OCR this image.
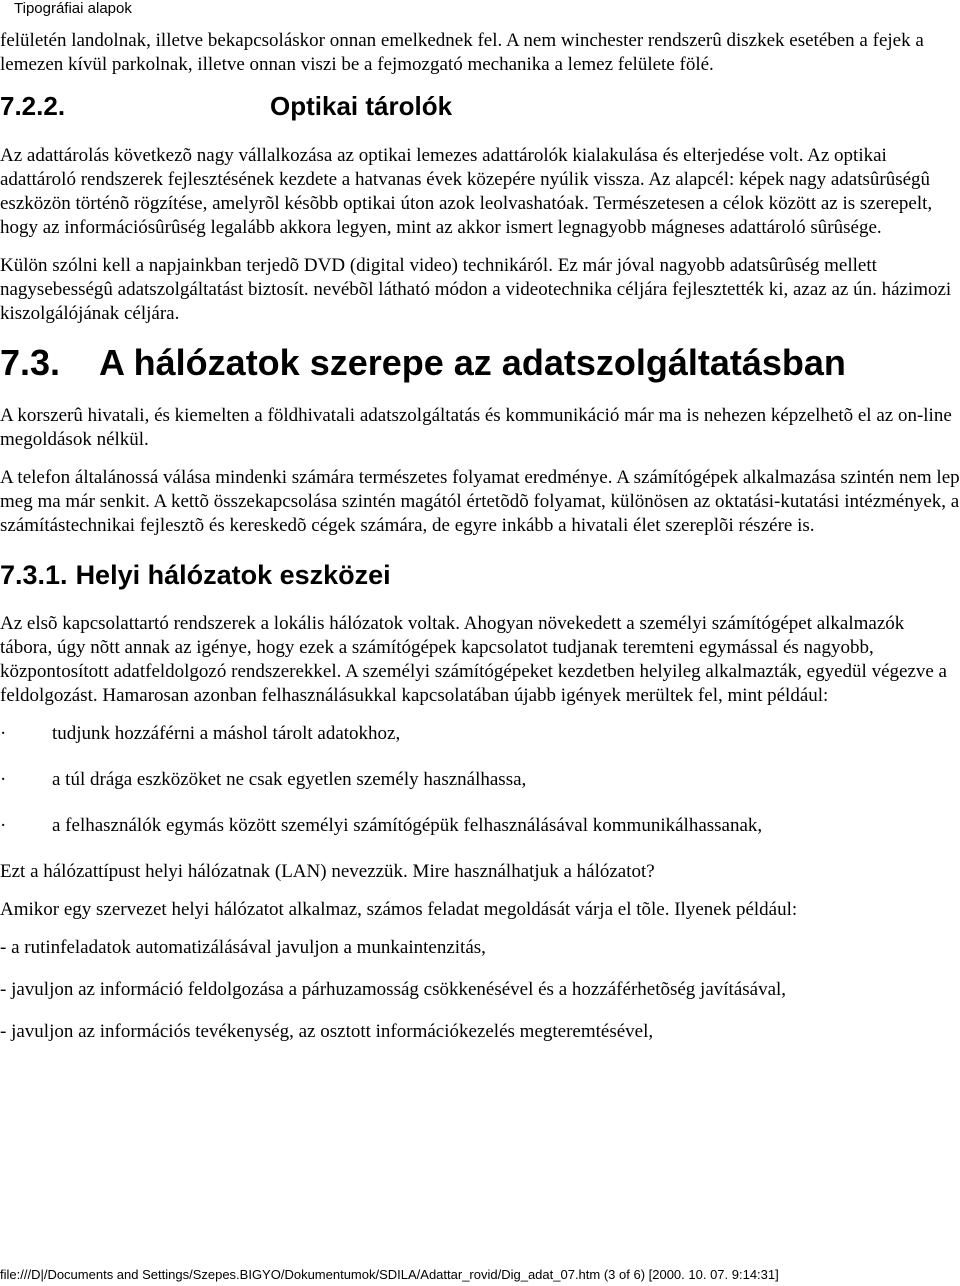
Tipográfiai alapok

felületén landolnak, illetve bekapcsoláskor onnan emelkednek fel. A nem winchester rendszerû diszkek esetében a fejek a lemezen kívül parkolnak, illetve onnan viszi be a fejmozgató mechanika a lemez felülete fölé.

7.2.2.	Optikai tárolók

Az adattárolás következõ nagy vállalkozása az optikai lemezes adattárolók kialakulása és elterjedése volt. Az optikai adattároló rendszerek fejlesztésének kezdete a hatvanas évek közepére nyúlik vissza. Az alapcél: képek nagy adatsûrûségû eszközön történõ rögzítése, amelyrõl késõbb optikai úton azok leolvashatóak. Természetesen a célok között az is szerepelt, hogy az információsûrûség legalább akkora legyen, mint az akkor ismert legnagyobb mágneses adattároló sûrûsége.

Külön szólni kell a napjainkban terjedõ DVD (digital video) technikáról. Ez már jóval nagyobb adatsûrûség mellett nagysebességû adatszolgáltatást biztosít. nevébõl látható módon a videotechnika céljára fejlesztették ki, azaz az ún. házimozi kiszolgálójának céljára.

7.3.	A hálózatok szerepe az adatszolgáltatásban

A korszerû hivatali, és kiemelten a földhivatali adatszolgáltatás és kommunikáció már ma is nehezen képzelhetõ el az on-line megoldások nélkül.

A telefon általánossá válása mindenki számára természetes folyamat eredménye. A számítógépek alkalmazása szintén nem lep meg ma már senkit. A kettõ összekapcsolása szintén magától értetõdõ folyamat, különösen az oktatási-kutatási intézmények, a számítástechnikai fejlesztõ és kereskedõ cégek számára, de egyre inkább a hivatali élet szereplõi részére is.

7.3.1. Helyi hálózatok eszközei

Az elsõ kapcsolattartó rendszerek a lokális hálózatok voltak. Ahogyan növekedett a személyi számítógépet alkalmazók tábora, úgy nõtt annak az igénye, hogy ezek a számítógépek kapcsolatot tudjanak teremteni egymással és nagyobb, központosított adatfeldolgozó rendszerekkel. A személyi számítógépeket kezdetben helyileg alkalmazták, egyedül végezve a feldolgozást. Hamarosan azonban felhasználásukkal kapcsolatában újabb igények merültek fel, mint például:

·	tudjunk hozzáférni a máshol tárolt adatokhoz,
·	a túl drága eszközöket ne csak egyetlen személy használhassa,
·	a felhasználók egymás között személyi számítógépük felhasználásával kommunikálhassanak,

Ezt a hálózattípust helyi hálózatnak (LAN) nevezzük. Mire használhatjuk a hálózatot?

Amikor egy szervezet helyi hálózatot alkalmaz, számos feladat megoldását várja el tõle. Ilyenek például:

- a rutinfeladatok automatizálásával javuljon a munkaintenzitás,

- javuljon az információ feldolgozása a párhuzamosság csökkenésével és a hozzáférhetõség javításával,

- javuljon az információs tevékenység, az osztott információkezelés megteremtésével,

file:///D|/Documents and Settings/Szepes.BIGYO/Dokumentumok/SDILA/Adattar_rovid/Dig_adat_07.htm (3 of 6) [2000. 10. 07. 9:14:31]
